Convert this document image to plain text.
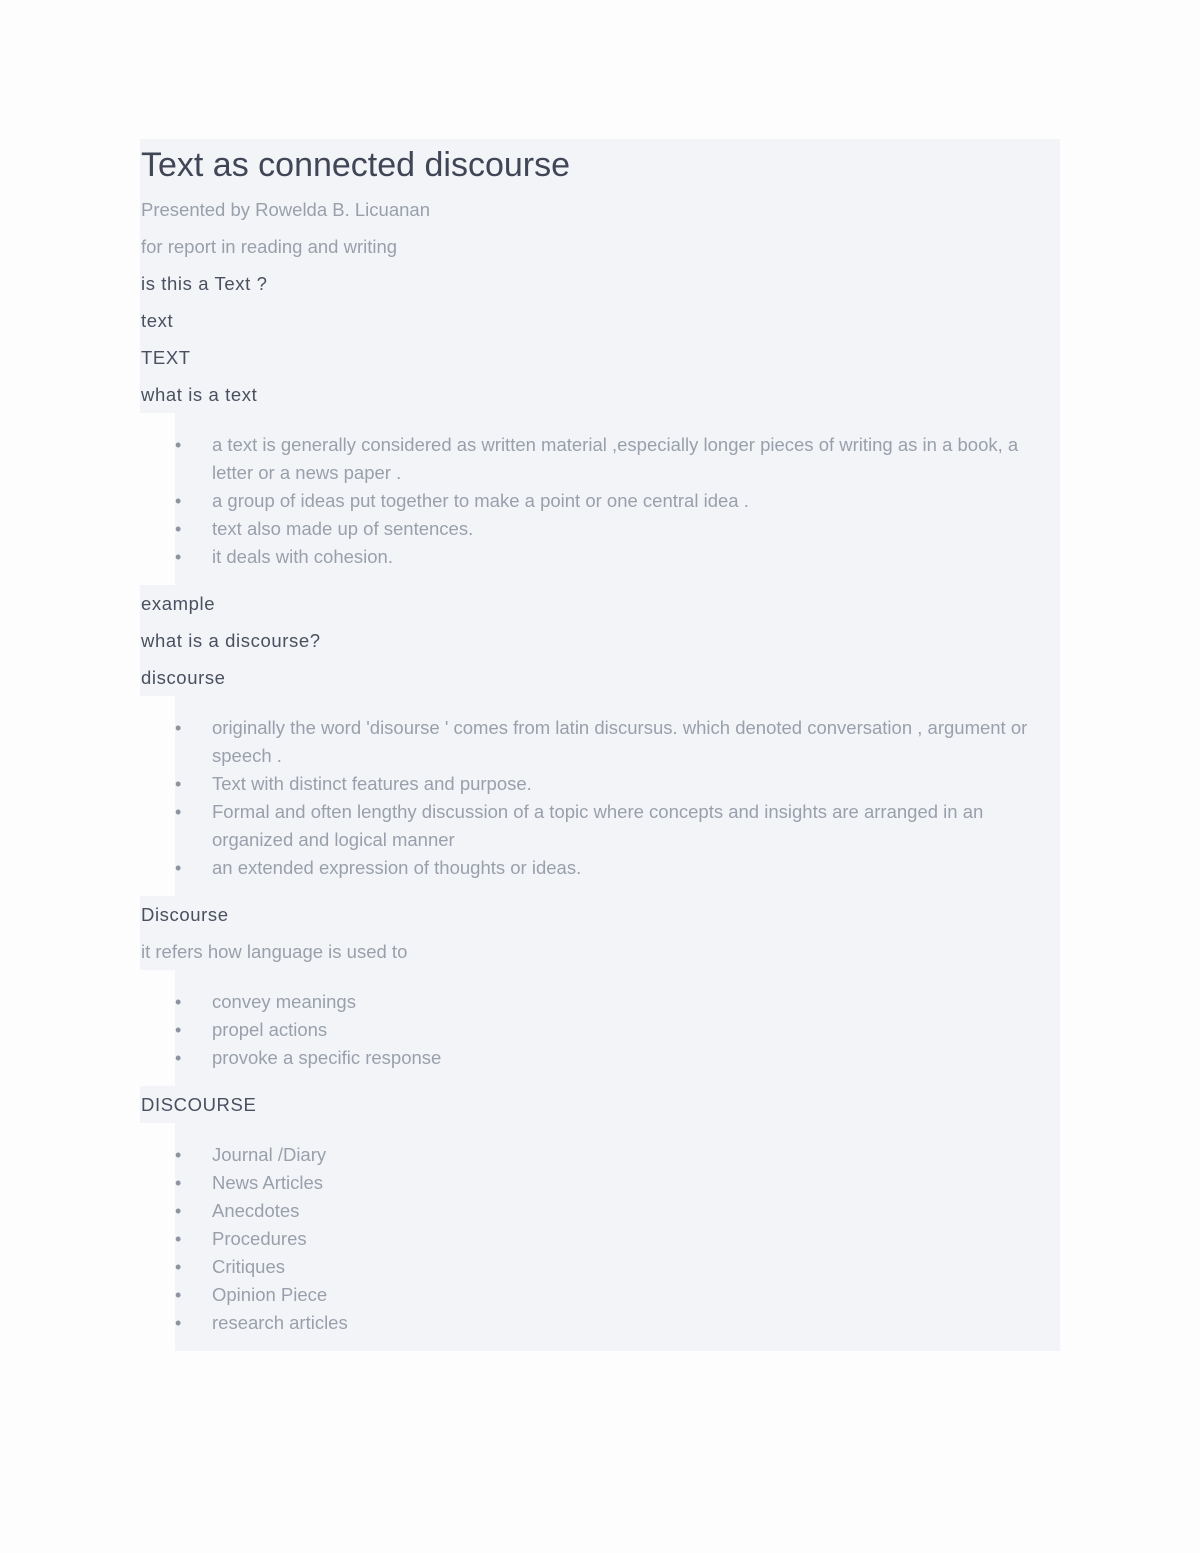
Text as connected discourse

Presented by Rowelda B. Licuanan

for report in reading and writing

is this a Text ?

text

TEXT

what is a text

• a text is generally considered as written material ,especially longer pieces of writing as in a book, a letter or a news paper .
• a group of ideas put together to make a point or one central idea .
• text also made up of sentences.
• it deals with cohesion.

example

what is a discourse?

discourse

• originally the word 'disourse ' comes from latin discursus. which denoted conversation , argument or speech .
• Text with distinct features and purpose.
• Formal and often lengthy discussion of a topic where concepts and insights are arranged in an organized and logical manner
• an extended expression of thoughts or ideas.

Discourse

it refers how language is used to

• convey meanings
• propel actions
• provoke a specific response

DISCOURSE

• Journal /Diary
• News Articles
• Anecdotes
• Procedures
• Critiques
• Opinion Piece
• research articles
